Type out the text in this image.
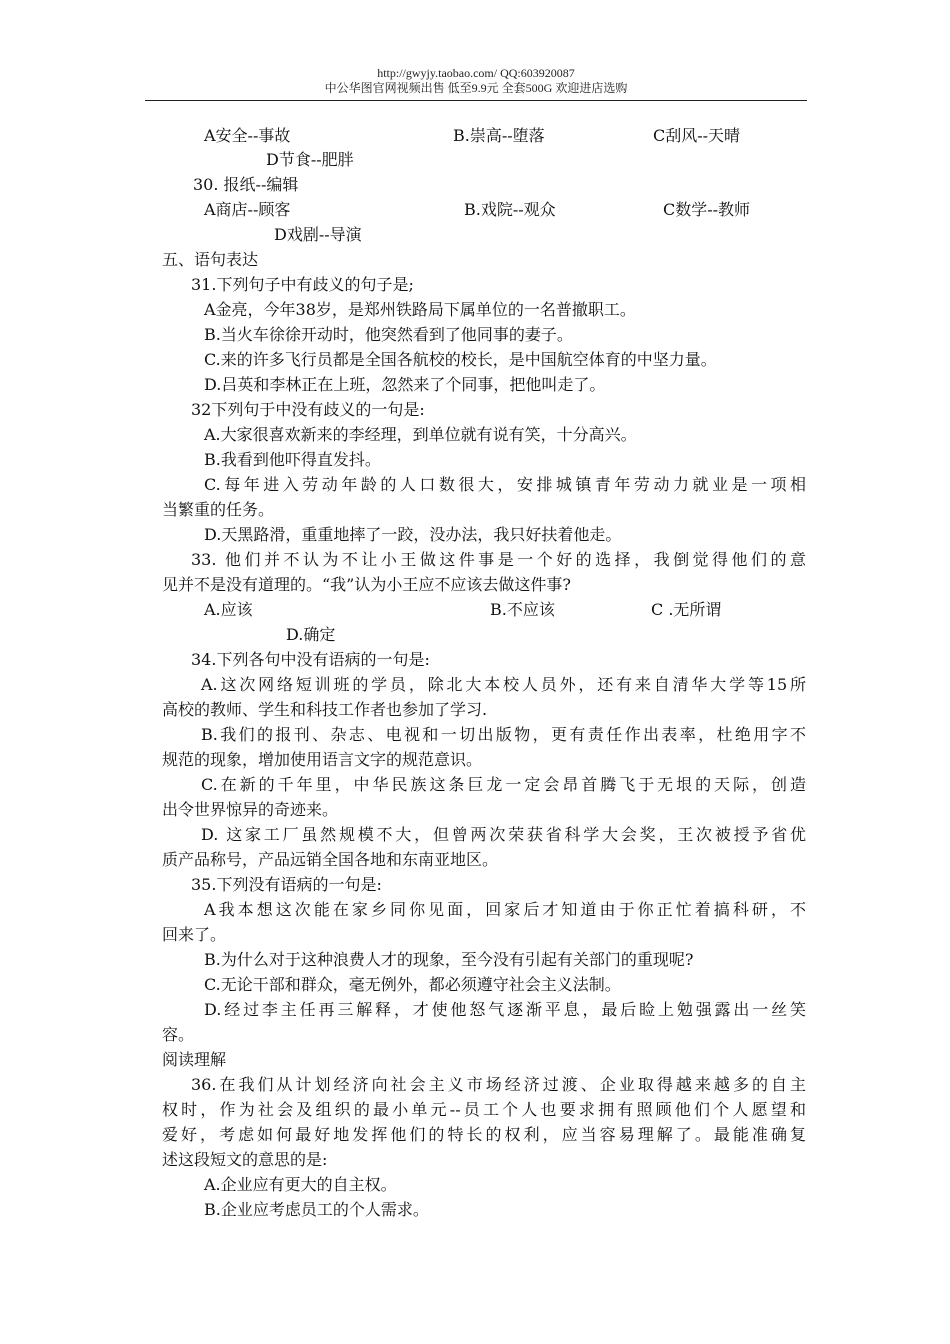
http://gwyjy.taobao.com/ QQ:603920087
中公华图官网视频出售 低至9.9元 全套500G 欢迎进店选购
A安全--事故	B.崇高--堕落	C刮风--天晴
D节食--肥胖
30. 报纸--编辑
A商店--顾客	B.戏院--观众	C数学--教师
D戏剧--导演
五、语句表达
31.下列句子中有歧义的句子是;
A金亮，今年38岁，是郑州铁路局下属单位的一名普撤职工。
B.当火车徐徐开动时，他突然看到了他同事的妻子。
C.来的许多飞行员都是全国各航校的校长，是中国航空体育的中坚力量。
D.吕英和李林正在上班，忽然来了个同事，把他叫走了。
32下列句于中没有歧义的一句是:
A.大家很喜欢新来的李经理，到单位就有说有笑，十分高兴。
B.我看到他吓得直发抖。
C.每年进入劳动年龄的人口数很大，安排城镇青年劳动力就业是一项相
当繁重的任务。
D.天黑路滑，重重地摔了一跤，没办法，我只好扶着他走。
33. 他们并不认为不让小王做这件事是一个好的选择，我倒觉得他们的意
见并不是没有道理的。“我”认为小王应不应该去做这件事?
A.应该	B.不应该	C .无所谓
D.确定
34.下列各句中没有语病的一句是:
A.这次网络短训班的学员，除北大本校人员外，还有来自清华大学等15所
高校的教师、学生和科技工作者也参加了学习.
B.我们的报刊、杂志、电视和一切出版物，更有责任作出表率，杜绝用字不
规范的现象，增加使用语言文字的规范意识。
C.在新的千年里，中华民族这条巨龙一定会昂首腾飞于无垠的天际，创造
出令世界惊异的奇迹来。
D. 这家工厂虽然规模不大，但曾两次荣获省科学大会奖，王次被授予省优
质产品称号，产品远销全国各地和东南亚地区。
35.下列没有语病的一句是:
A我本想这次能在家乡同你见面，回家后才知道由于你正忙着搞科研，不
回来了。
B.为什么对于这种浪费人才的现象，至今没有引起有关部门的重现呢?
C.无论干部和群众，毫无例外，都必须遵守社会主义法制。
D.经过李主任再三解释，才使他怒气逐渐平息，最后睑上勉强露出一丝笑
容。
阅读理解
36.在我们从计划经济向社会主义市场经济过渡、企业取得越来越多的自主
权时，作为社会及组织的最小单元--员工个人也要求拥有照顾他们个人愿望和
爱好，考虑如何最好地发挥他们的特长的权利，应当容易理解了。最能准确复
述这段短文的意思的是:
A.企业应有更大的自主权。
B.企业应考虑员工的个人需求。
